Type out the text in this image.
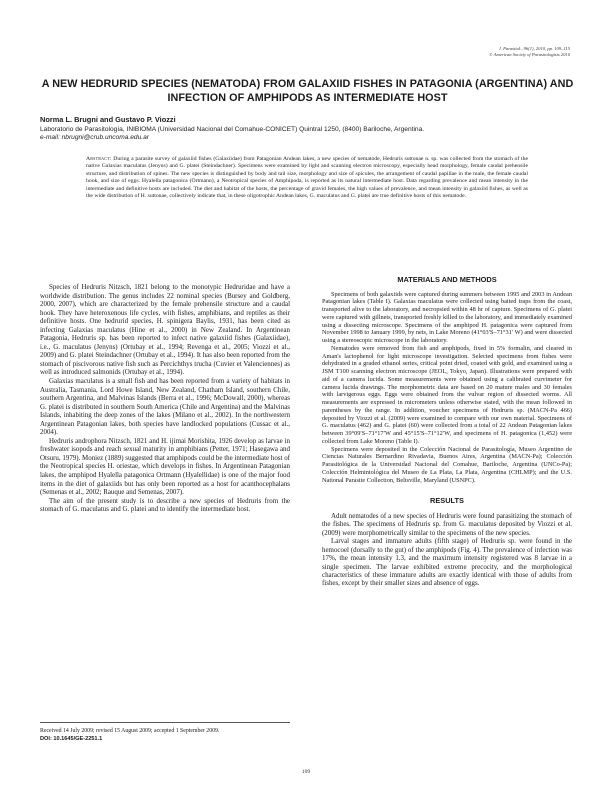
J. Parasitol., 96(1), 2010, pp. 109–115
© American Society of Parasitologists 2010
A NEW HEDRURID SPECIES (NEMATODA) FROM GALAXIID FISHES IN PATAGONIA (ARGENTINA) AND INFECTION OF AMPHIPODS AS INTERMEDIATE HOST
Norma L. Brugni and Gustavo P. Viozzi
Laboratorio de Parasitología, INIBIOMA (Universidad Nacional del Comahue-CONICET) Quintral 1250, (8400) Bariloche, Argentina.
e-mail: nbrugni@crub.uncoma.edu.ar
Abstract: During a parasite survey of galaxiid fishes (Galaxiidae) from Patagonian Andean lakes, a new species of nematode, Hedruris suttonae n. sp. was collected from the stomach of the native Galaxias maculatus (Jenyns) and G. platei (Steindachner). Specimens were examined by light and scanning electron microscopy, especially head morphology, female caudal prehensile structure, and distribution of spines. The new species is distinguished by body and tail size, morphology and size of spicules, the arrangement of caudal papillae in the male, the female caudal hook, and size of eggs. Hyalella patagonica (Ortmann), a Neotropical species of Amphipoda, is reported as its natural intermediate host. Data regarding prevalence and mean intensity in the intermediate and definitive hosts are included. The diet and habitat of the hosts, the percentage of gravid females, the high values of prevalence, and mean intensity in galaxiid fishes, as well as the wide distribution of H. suttonae, collectively indicate that, in these oligotrophic Andean lakes, G. maculatus and G. platei are true definitive hosts of this nematode.

Species of Hedruris Nitzsch, 1821 belong to the monotypic Hedruridae and have a worldwide distribution. The genus includes 22 nominal species (Bursey and Goldberg, 2000, 2007), which are characterized by the female prehensile structure and a caudal hook. They have heteroxenous life cycles, with fishes, amphibians, and reptiles as their definitive hosts. One hedrurid species, H. spinigera Baylis, 1931, has been cited as infecting Galaxias maculatus (Hine et al., 2000) in New Zealand. In Argentinean Patagonia, Hedruris sp. has been reported to infect native galaxiid fishes (Galaxiidae), i.e., G. maculatus (Jenyns) (Ortubay et al., 1994; Revenga et al., 2005; Viozzi et al., 2009) and G. platei Steindachner (Ortubay et al., 1994). It has also been reported from the stomach of piscivorous native fish such as Percichthys trucha (Cuvier et Valenciennes) as well as introduced salmonids (Ortubay et al., 1994).

Galaxias maculatus is a small fish and has been reported from a variety of habitats in Australia, Tasmania, Lord Howe Island, New Zealand, Chatham Island, southern Chile, southern Argentina, and Malvinas Islands (Berra et al., 1996; McDowall, 2000), whereas G. platei is distributed in southern South America (Chile and Argentina) and the Malvinas Islands, inhabiting the deep zones of the lakes (Milano et al., 2002). In the northwestern Argentinean Patagonian lakes, both species have landlocked populations (Cussac et al., 2004).

Hedruris androphora Nitzsch, 1821 and H. ijimai Morishita, 1926 develop as larvae in freshwater isopods and reach sexual maturity in amphibians (Petter, 1971; Hasegawa and Otsuru, 1979). Moniez (1889) suggested that amphipods could be the intermediate host of the Neotropical species H. oriestae, which develops in fishes. In Argentinean Patagonian lakes, the amphipod Hyalella patagonica Ortmann (Hyalellidae) is one of the major food items in the diet of galaxiids but has only been reported as a host for acanthocephalans (Semenas et al., 2002; Rauque and Semenas, 2007).

The aim of the present study is to describe a new species of Hedruris from the stomach of G. maculatus and G. platei and to identify the intermediate host.

Received 14 July 2009; revised 15 August 2009; accepted 1 September 2009.
DOI: 10.1645/GE-2251.1
MATERIALS AND METHODS

Specimens of both galaxiids were captured during summers between 1995 and 2003 in Andean Patagonian lakes (Table I). Galaxias maculatus were collected using baited traps from the coast, transported alive to the laboratory, and necropsied within 48 hr of capture. Specimens of G. platei were captured with gillnets, transported freshly killed to the laboratory, and immediately examined using a dissecting microscope. Specimens of the amphipod H. patagonica were captured from November 1998 to January 1999, by nets, in Lake Moreno (41°03′S–71°31′ W) and were dissected using a stereoscopic microscope in the laboratory.

Nematodes were removed from fish and amphipods, fixed in 5% formalin, and cleared in Aman's lactophenol for light microscope investigation. Selected specimens from fishes were dehydrated in a graded ethanol series, critical point dried, coated with gold, and examined using a JSM T100 scanning electron microscope (JEOL, Tokyo, Japan). Illustrations were prepared with aid of a camera lucida. Some measurements were obtained using a calibrated curvimeter for camera lucida drawings. The morphometric data are based on 20 mature males and 30 females with larvigerous eggs. Eggs were obtained from the vulvar region of dissected worms. All measurements are expressed in micrometers unless otherwise stated, with the mean followed in parentheses by the range. In addition, voucher specimens of Hedruris sp. (MACN-Pa 466) deposited by Viozzi et al. (2009) were examined to compare with our own material. Specimens of G. maculatus (462) and G. platei (60) were collected from a total of 22 Andean Patagonian lakes between 39°09′S–71°17′W and 45°15′S–71°12′W, and specimens of H. patagonica (1,452) were collected from Lake Moreno (Table I).

Specimens were deposited in the Colección Nacional de Parasitología, Museo Argentino de Ciencias Naturales Bernardino Rivadavia, Buenos Aires, Argentina (MACN-Pa); Colección Parasitológica de la Universidad Nacional del Comahue, Bariloche, Argentina (UNCo-Pa); Colección Helmintológica del Museo de La Plata, La Plata, Argentina (CHLMP); and the U.S. National Parasite Collection, Beltsville, Maryland (USNPC).

RESULTS

Adult nematodes of a new species of Hedruris were found parasitizing the stomach of the fishes. The specimens of Hedruris sp. from G. maculatus deposited by Viozzi et al. (2009) were morphometrically similar to the specimens of the new species.

Larval stages and immature adults (fifth stage) of Hedruris sp. were found in the hemocoel (dorsally to the gut) of the amphipods (Fig. 4). The prevalence of infection was 17%, the mean intensity 1.3, and the maximum intensity registered was 8 larvae in a single specimen. The larvae exhibited extreme precocity, and the morphological characteristics of these immature adults are exactly identical with those of adults from fishes, except by their smaller sizes and absence of eggs.

109
